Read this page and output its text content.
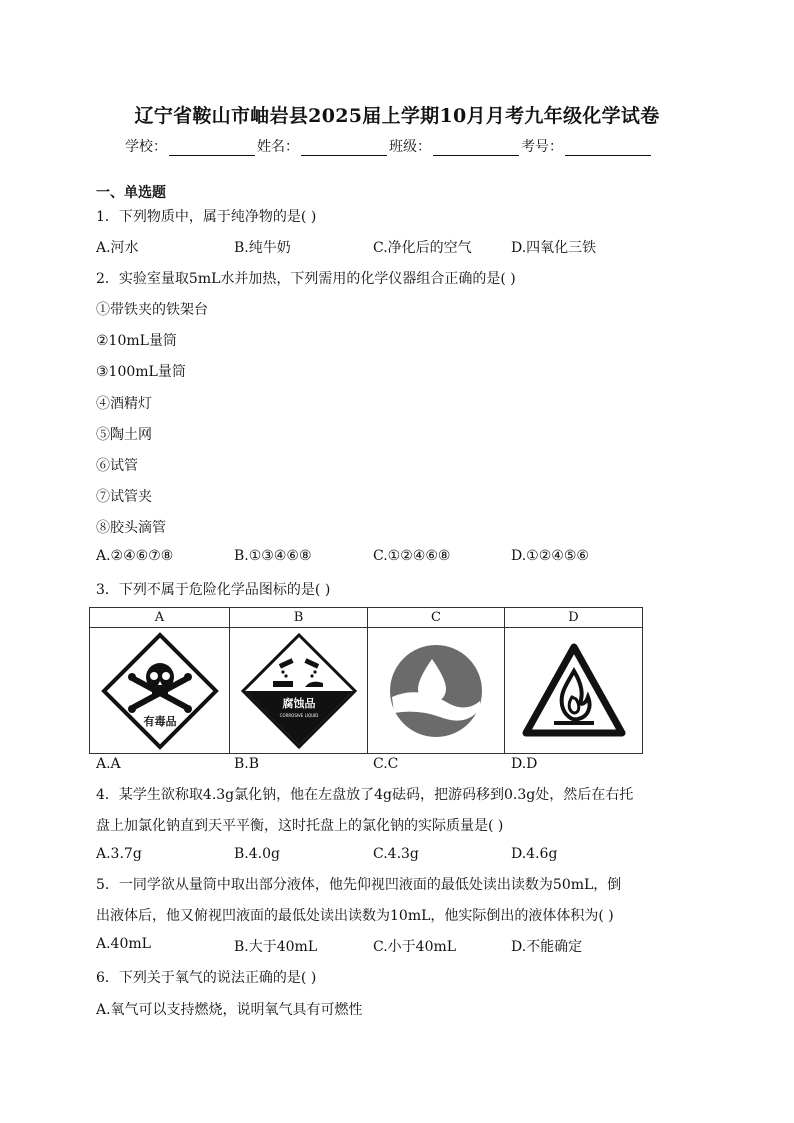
辽宁省鞍山市岫岩县2025届上学期10月月考九年级化学试卷
学校：	姓名：	班级：	考号：
一、单选题
1．下列物质中，属于纯净物的是( )
A.河水	B.纯牛奶	C.净化后的空气	D.四氧化三铁
2．实验室量取5mL水并加热，下列需用的化学仪器组合正确的是( )
①带铁夹的铁架台
②10mL量筒
③100mL量筒
④酒精灯
⑤陶土网
⑥试管
⑦试管夹
⑧胶头滴管
A.②④⑥⑦⑧	B.①③④⑥⑧	C.①②④⑥⑧	D.①②④⑤⑥
3．下列不属于危险化学品图标的是( )
A	B	C	D

有毒品	腐蚀品
CORROSIVE LIQUID

A.A	B.B	C.C	D.D
4．某学生欲称取4.3g氯化钠，他在左盘放了4g砝码，把游码移到0.3g处，然后在右托
盘上加氯化钠直到天平平衡，这时托盘上的氯化钠的实际质量是( )
A.3.7g	B.4.0g	C.4.3g	D.4.6g
5．一同学欲从量筒中取出部分液体，他先仰视凹液面的最低处读出读数为50mL，倒
出液体后，他又俯视凹液面的最低处读出读数为10mL，他实际倒出的液体体积为( )
A.40mL	B.大于40mL	C.小于40mL	D.不能确定
6．下列关于氧气的说法正确的是( )
A.氧气可以支持燃烧，说明氧气具有可燃性
